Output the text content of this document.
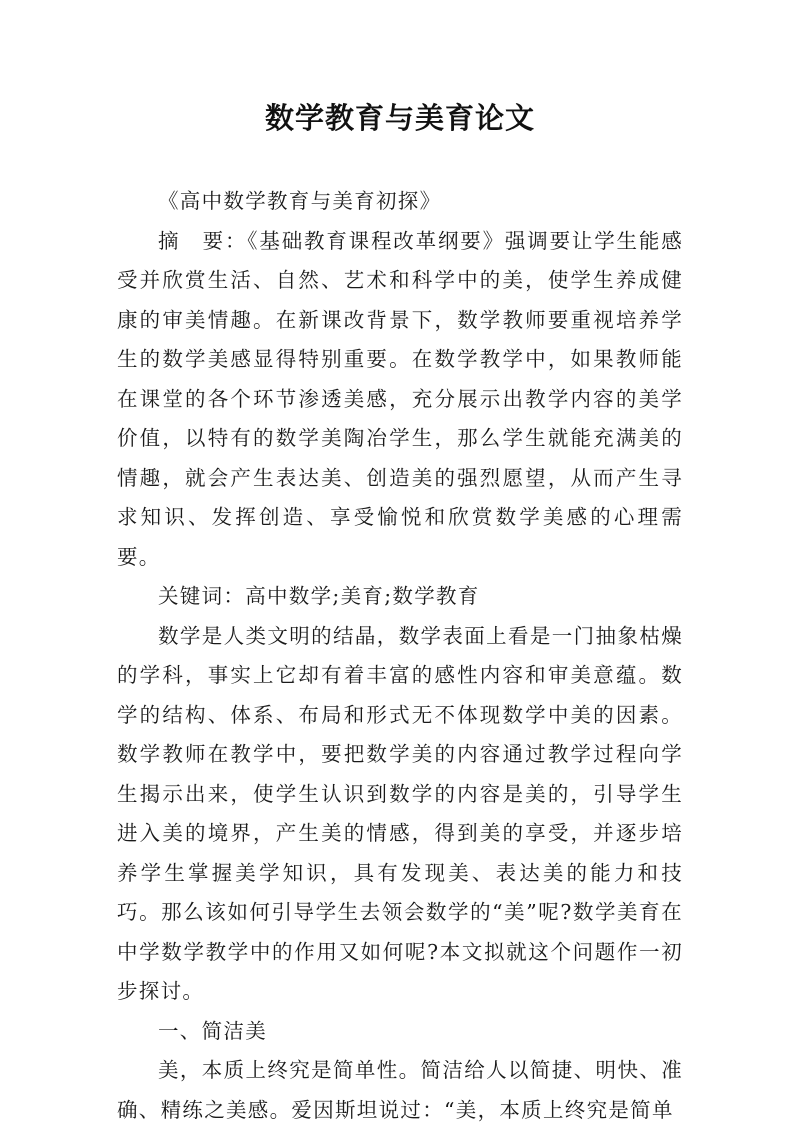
数学教育与美育论文

《高中数学教育与美育初探》

摘　要：《基础教育课程改革纲要》强调要让学生能感受并欣赏生活、自然、艺术和科学中的美，使学生养成健康的审美情趣。在新课改背景下，数学教师要重视培养学生的数学美感显得特别重要。在数学教学中，如果教师能在课堂的各个环节渗透美感，充分展示出教学内容的美学价值，以特有的数学美陶冶学生，那么学生就能充满美的情趣，就会产生表达美、创造美的强烈愿望，从而产生寻求知识、发挥创造、享受愉悦和欣赏数学美感的心理需要。

关键词：高中数学;美育;数学教育

数学是人类文明的结晶，数学表面上看是一门抽象枯燥的学科，事实上它却有着丰富的感性内容和审美意蕴。数学的结构、体系、布局和形式无不体现数学中美的因素。数学教师在教学中，要把数学美的内容通过教学过程向学生揭示出来，使学生认识到数学的内容是美的，引导学生进入美的境界，产生美的情感，得到美的享受，并逐步培养学生掌握美学知识，具有发现美、表达美的能力和技巧。那么该如何引导学生去领会数学的“美”呢?数学美育在中学数学教学中的作用又如何呢?本文拟就这个问题作一初步探讨。

一、简洁美

美，本质上终究是简单性。简洁给人以简捷、明快、准确、精练之美感。爱因斯坦说过：“美，本质上终究是简单
